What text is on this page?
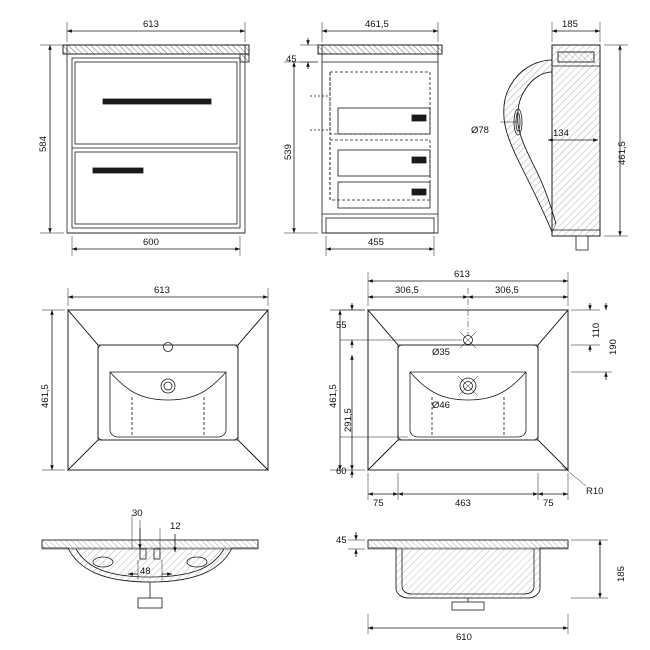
613
600
584
461,5
455
539
45
185
461,5
Ø78	134
613
461,5
613
306,5	306,5
55
461,5
291,5
60
110
190
Ø35
Ø46
463
75	75
R10
30
12
48
45
185
610
